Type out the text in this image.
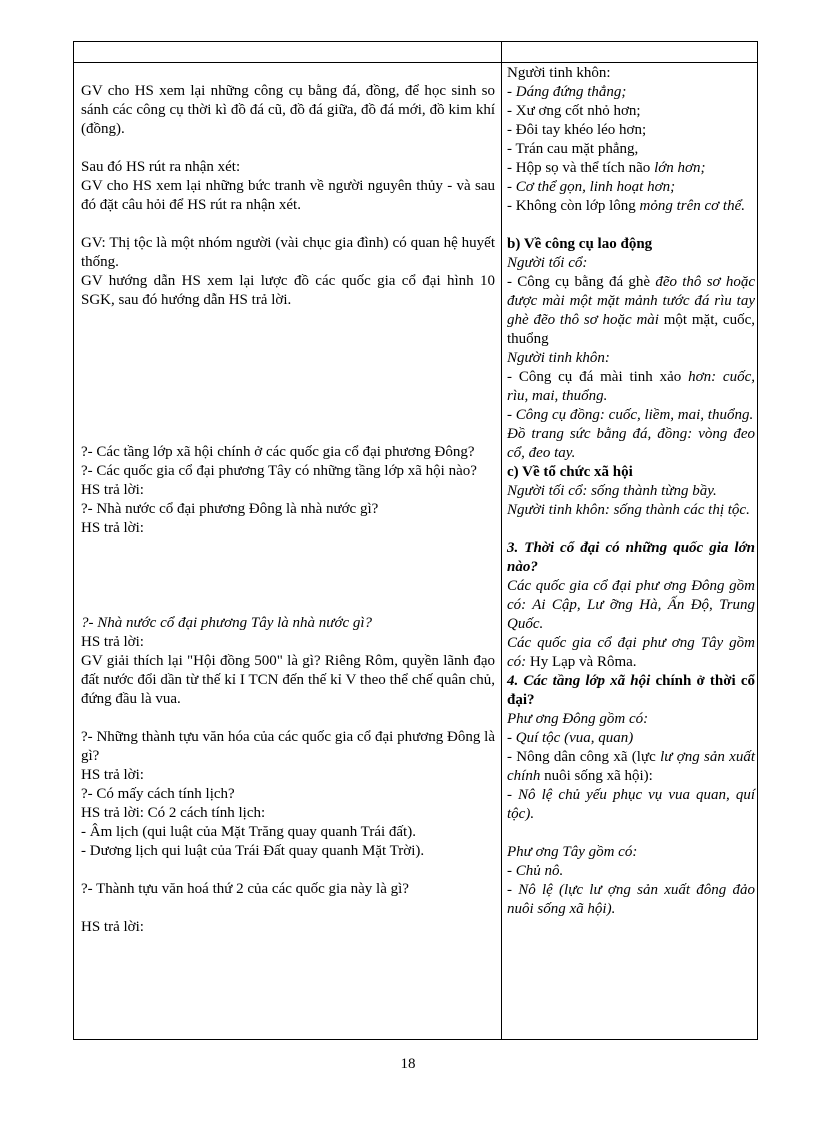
GV cho HS xem lại những công cụ bằng đá, đồng, để học sinh so sánh các công cụ thời kì đồ đá cũ, đồ đá giữa, đồ đá mới, đồ kim khí (đồng).

Sau đó HS rút ra nhận xét:

GV cho HS xem lại những bức tranh về người nguyên thủy - và sau đó đặt câu hỏi để HS rút ra nhận xét.

GV: Thị tộc là một nhóm người (vài chục gia đình) có quan hệ huyết thống.

GV hướng dẫn HS xem lại lược đồ các quốc gia cổ đại hình 10 SGK, sau đó hướng dẫn HS trả lời.

?- Các tầng lớp xã hội chính ở các quốc gia cổ đại phương Đông?

?- Các quốc gia cổ đại phương Tây có những tầng lớp xã hội nào?

HS trả lời:

?- Nhà nước cổ đại phương Đông là nhà nước gì?

HS trả lời:

?- Nhà nước cổ đại phương Tây là nhà nước gì?

HS trả lời:

GV giải thích lại "Hội đồng 500" là gì? Riêng Rôm, quyền lãnh đạo đất nước đổi dần từ thế kỉ I TCN đến thế kỉ V theo thể chế quân chủ, đứng đầu là vua.

?- Những thành tựu văn hóa của các quốc gia cổ đại phương Đông là gì?

HS trả lời:

?- Có mấy cách tính lịch?

HS trả lời: Có 2 cách tính lịch:

- Âm lịch (qui luật của Mặt Trăng quay quanh Trái đất).

- Dương lịch qui luật của Trái Đất quay quanh Mặt Trời).

?- Thành tựu văn hoá thứ 2 của các quốc gia này là gì?

HS trả lời:

Người tinh khôn:

- Dáng đứng thẳng;

- Xư ơng cốt nhỏ hơn;

- Đôi tay khéo léo hơn;

- Trán cau mặt phẳng,

- Hộp sọ và thể tích não lớn hơn;

- Cơ thể gọn, linh hoạt hơn;

- Không còn lớp lông mỏng trên cơ thể.

b) Về công cụ lao động

Người tối cổ:

- Công cụ bằng đá ghè đẽo thô sơ hoặc được mài một mặt mảnh tước đá rìu tay ghè đẽo thô sơ hoặc mài một mặt, cuốc, thuổng

Người tinh khôn:

- Công cụ đá mài tinh xảo hơn: cuốc, rìu, mai, thuổng.

- Công cụ đồng: cuốc, liềm, mai, thuổng.

Đồ trang sức bằng đá, đồng: vòng đeo cổ, đeo tay.

c) Về tổ chức xã hội

Người tối cổ: sống thành từng bầy.

Người tinh khôn: sống thành các thị tộc.

3. Thời cổ đại có những quốc gia lớn nào?

Các quốc gia cổ đại phư ơng Đông gồm có: Ai Cập, Lư ỡng Hà, Ấn Độ, Trung Quốc.

Các quốc gia cổ đại phư ơng Tây gồm có: Hy Lạp và Rôma.

4. Các tầng lớp xã hội chính ở thời cổ đại?

Phư ơng Đông gồm có:

- Quí tộc (vua, quan)

- Nông dân công xã (lực lư ợng sản xuất chính nuôi sống xã hội):

- Nô lệ chủ yếu phục vụ vua quan, quí tộc).

Phư ơng Tây gồm có:

- Chủ nô.

- Nô lệ (lực lư ợng sản xuất đông đảo nuôi sống xã hội).

18
